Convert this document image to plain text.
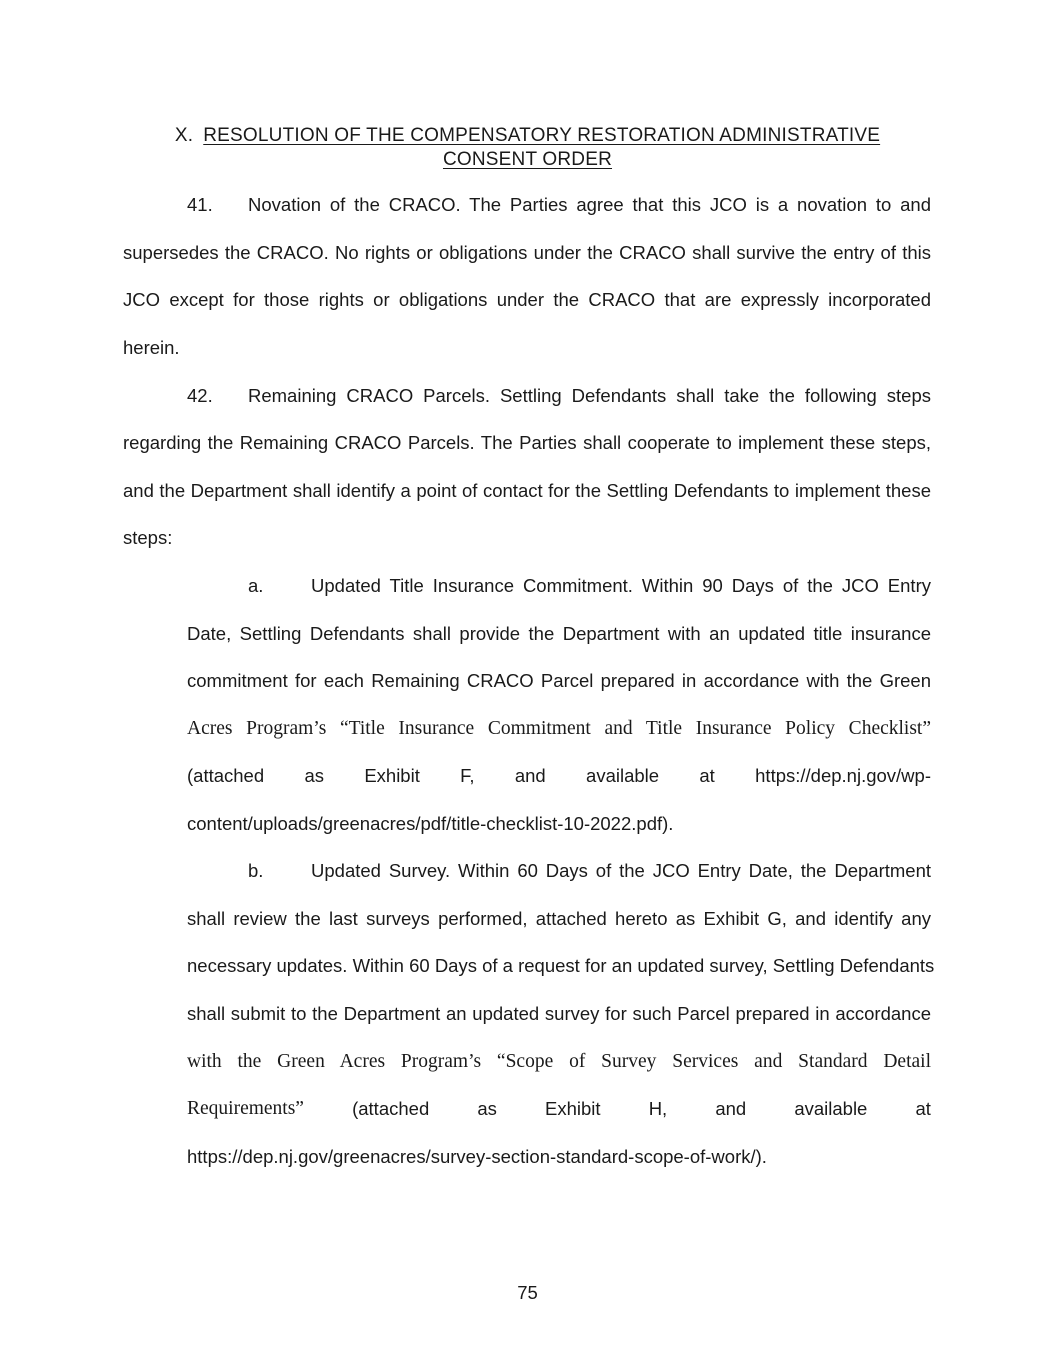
X. RESOLUTION OF THE COMPENSATORY RESTORATION ADMINISTRATIVE
CONSENT ORDER
41. Novation of the CRACO. The Parties agree that this JCO is a novation to and
supersedes the CRACO. No rights or obligations under the CRACO shall survive the entry of this
JCO except for those rights or obligations under the CRACO that are expressly incorporated
herein.
42. Remaining CRACO Parcels. Settling Defendants shall take the following steps
regarding the Remaining CRACO Parcels. The Parties shall cooperate to implement these steps,
and the Department shall identify a point of contact for the Settling Defendants to implement these
steps:
a.	Updated Title Insurance Commitment. Within 90 Days of the JCO Entry
Date, Settling Defendants shall provide the Department with an updated title insurance
commitment for each Remaining CRACO Parcel prepared in accordance with the Green
Acres Program’s “Title Insurance Commitment and Title Insurance Policy Checklist”
(attached as Exhibit F, and available at https://dep.nj.gov/wp-
content/uploads/greenacres/pdf/title-checklist-10-2022.pdf).
b.	Updated Survey. Within 60 Days of the JCO Entry Date, the Department
shall review the last surveys performed, attached hereto as Exhibit G, and identify any
necessary updates. Within 60 Days of a request for an updated survey, Settling Defendants
shall submit to the Department an updated survey for such Parcel prepared in accordance
with the Green Acres Program’s “Scope of Survey Services and Standard Detail
Requirements”	(attached	as	Exhibit	H,	and	available	at
https://dep.nj.gov/greenacres/survey-section-standard-scope-of-work/).
75
